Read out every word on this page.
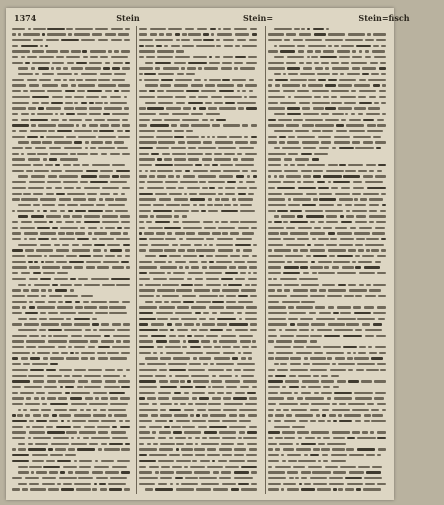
1374	Stein	Stein=	Stein=fisch
